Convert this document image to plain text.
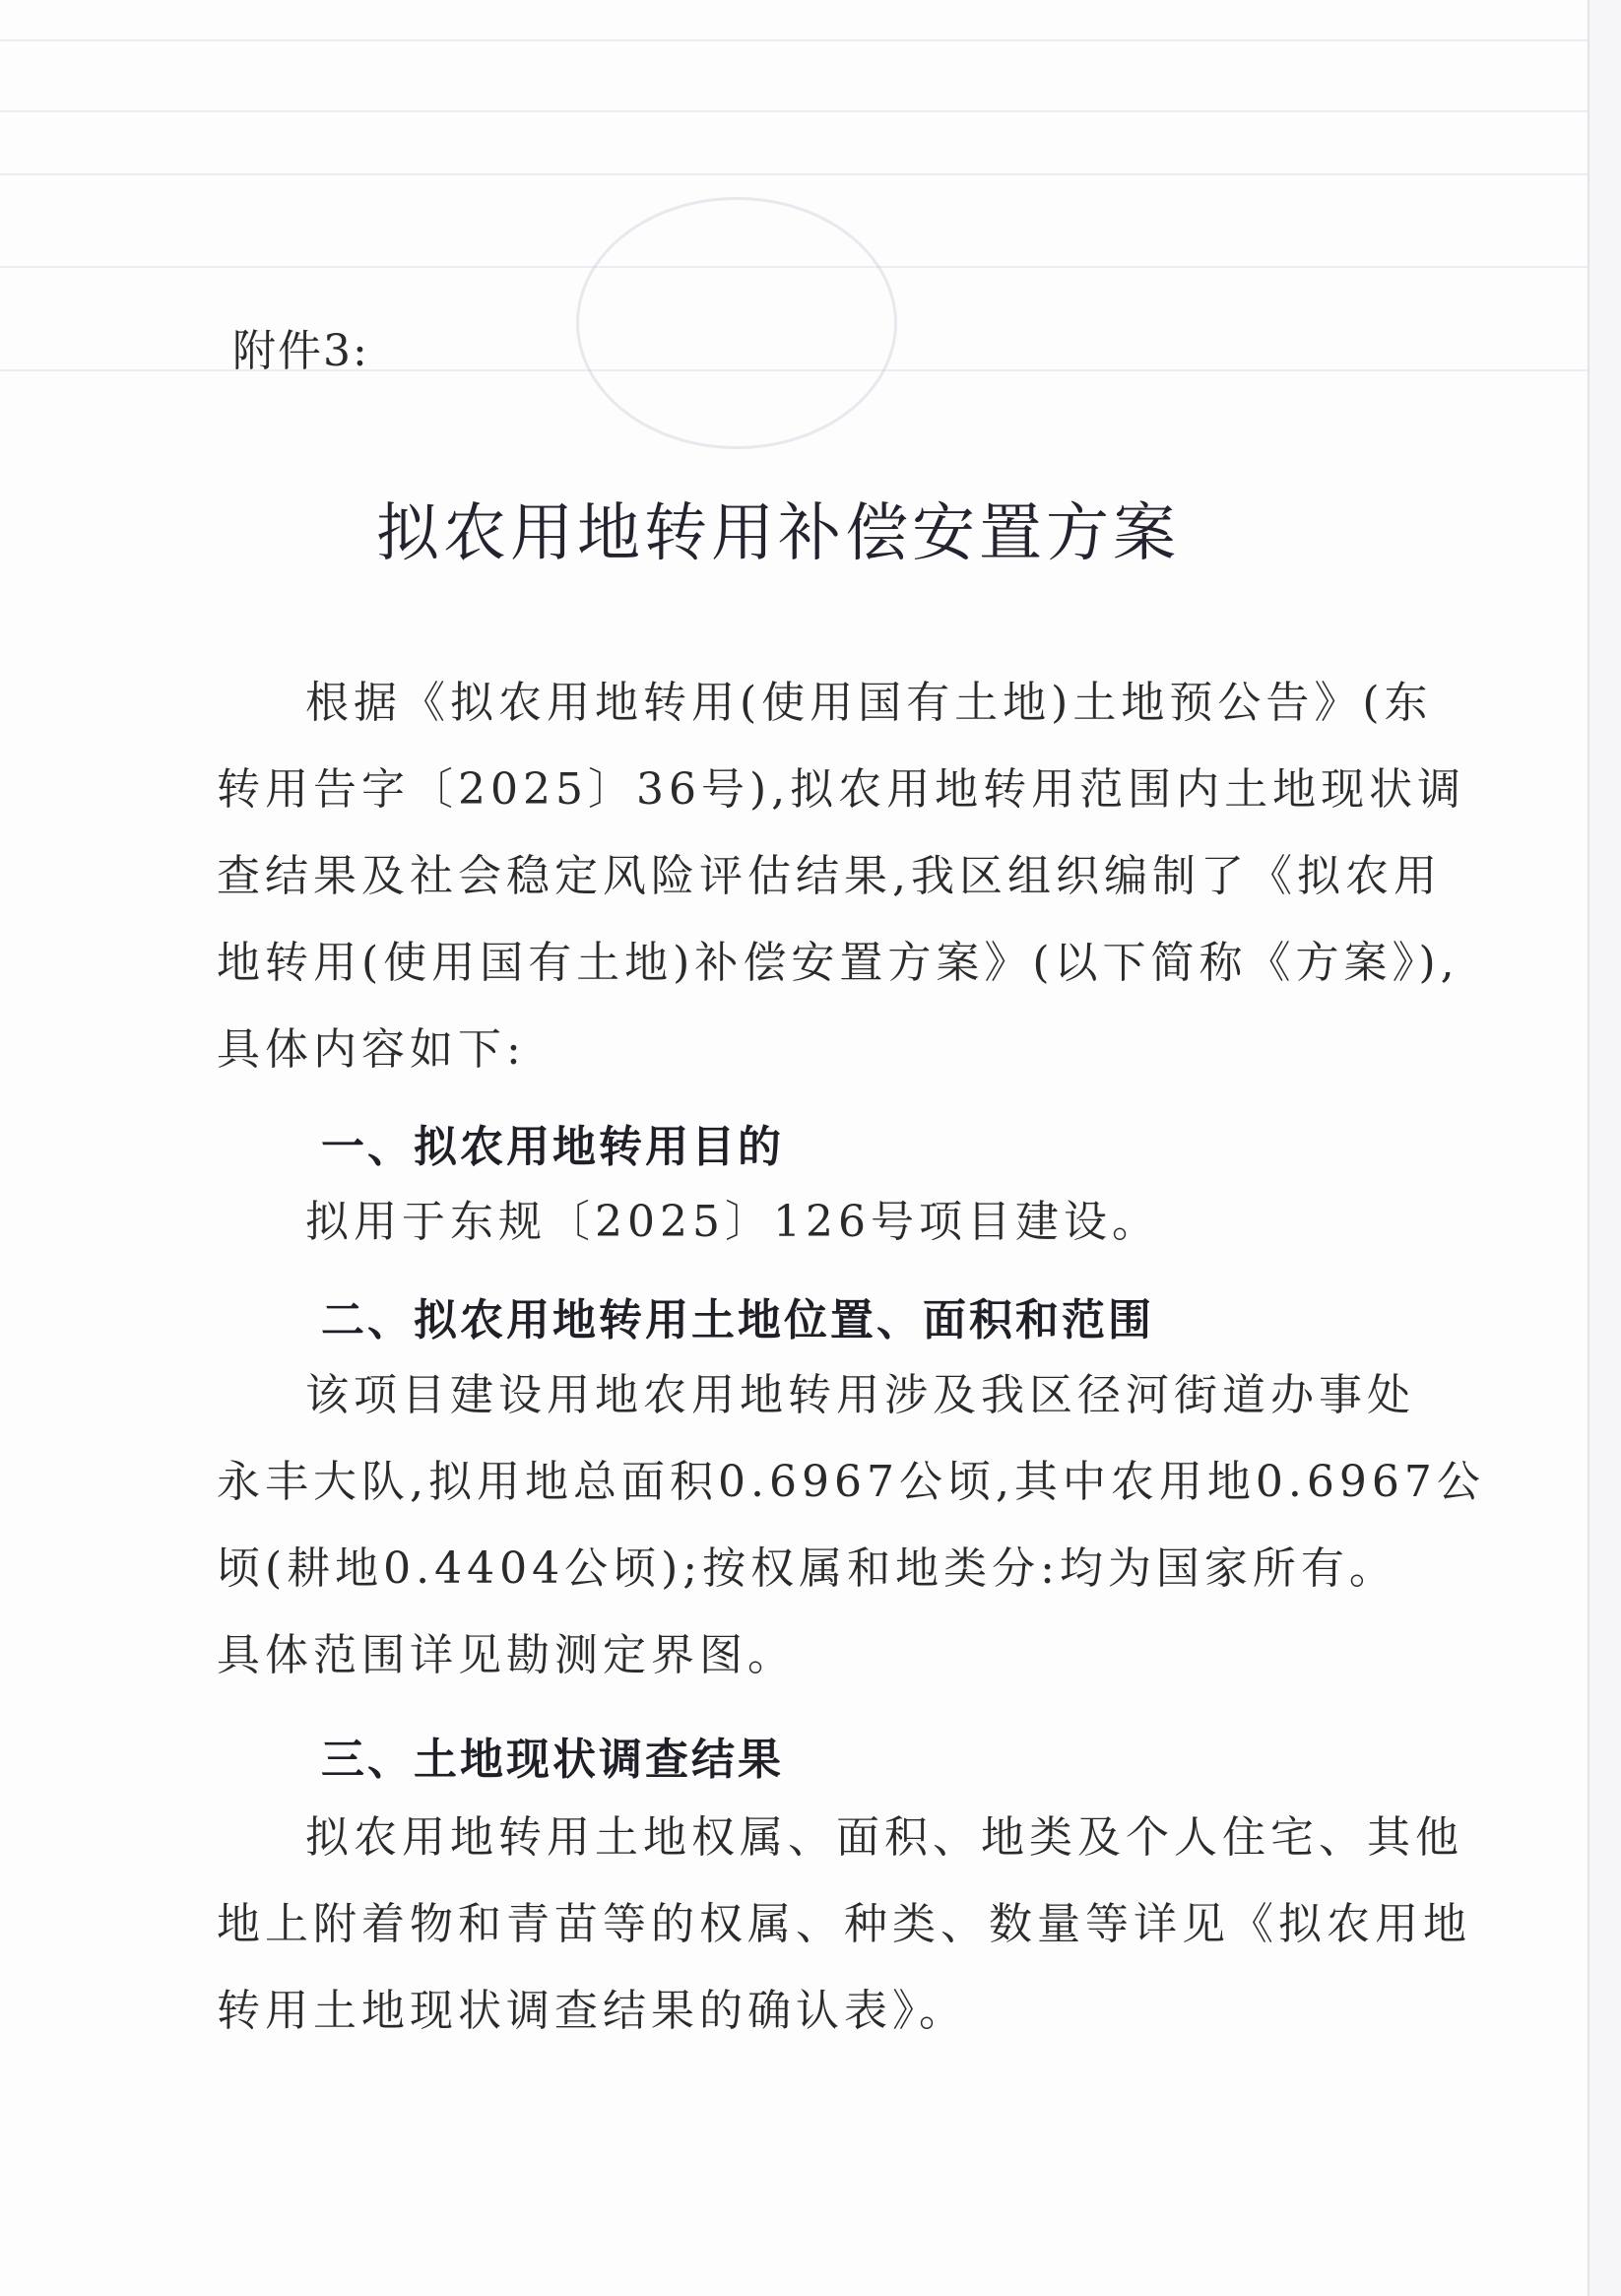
附件3:
拟农用地转用补偿安置方案

根据《拟农用地转用(使用国有土地)土地预公告》(东
转用告字〔2025〕36号),拟农用地转用范围内土地现状调
查结果及社会稳定风险评估结果,我区组织编制了《拟农用
地转用(使用国有土地)补偿安置方案》(以下简称《方案》),
具体内容如下:

一、拟农用地转用目的

拟用于东规〔2025〕126号项目建设。

二、拟农用地转用土地位置、面积和范围

该项目建设用地农用地转用涉及我区径河街道办事处
永丰大队,拟用地总面积0.6967公顷,其中农用地0.6967公
顷(耕地0.4404公顷);按权属和地类分:均为国家所有。
具体范围详见勘测定界图。

三、土地现状调查结果

拟农用地转用土地权属、面积、地类及个人住宅、其他
地上附着物和青苗等的权属、种类、数量等详见《拟农用地
转用土地现状调查结果的确认表》。
